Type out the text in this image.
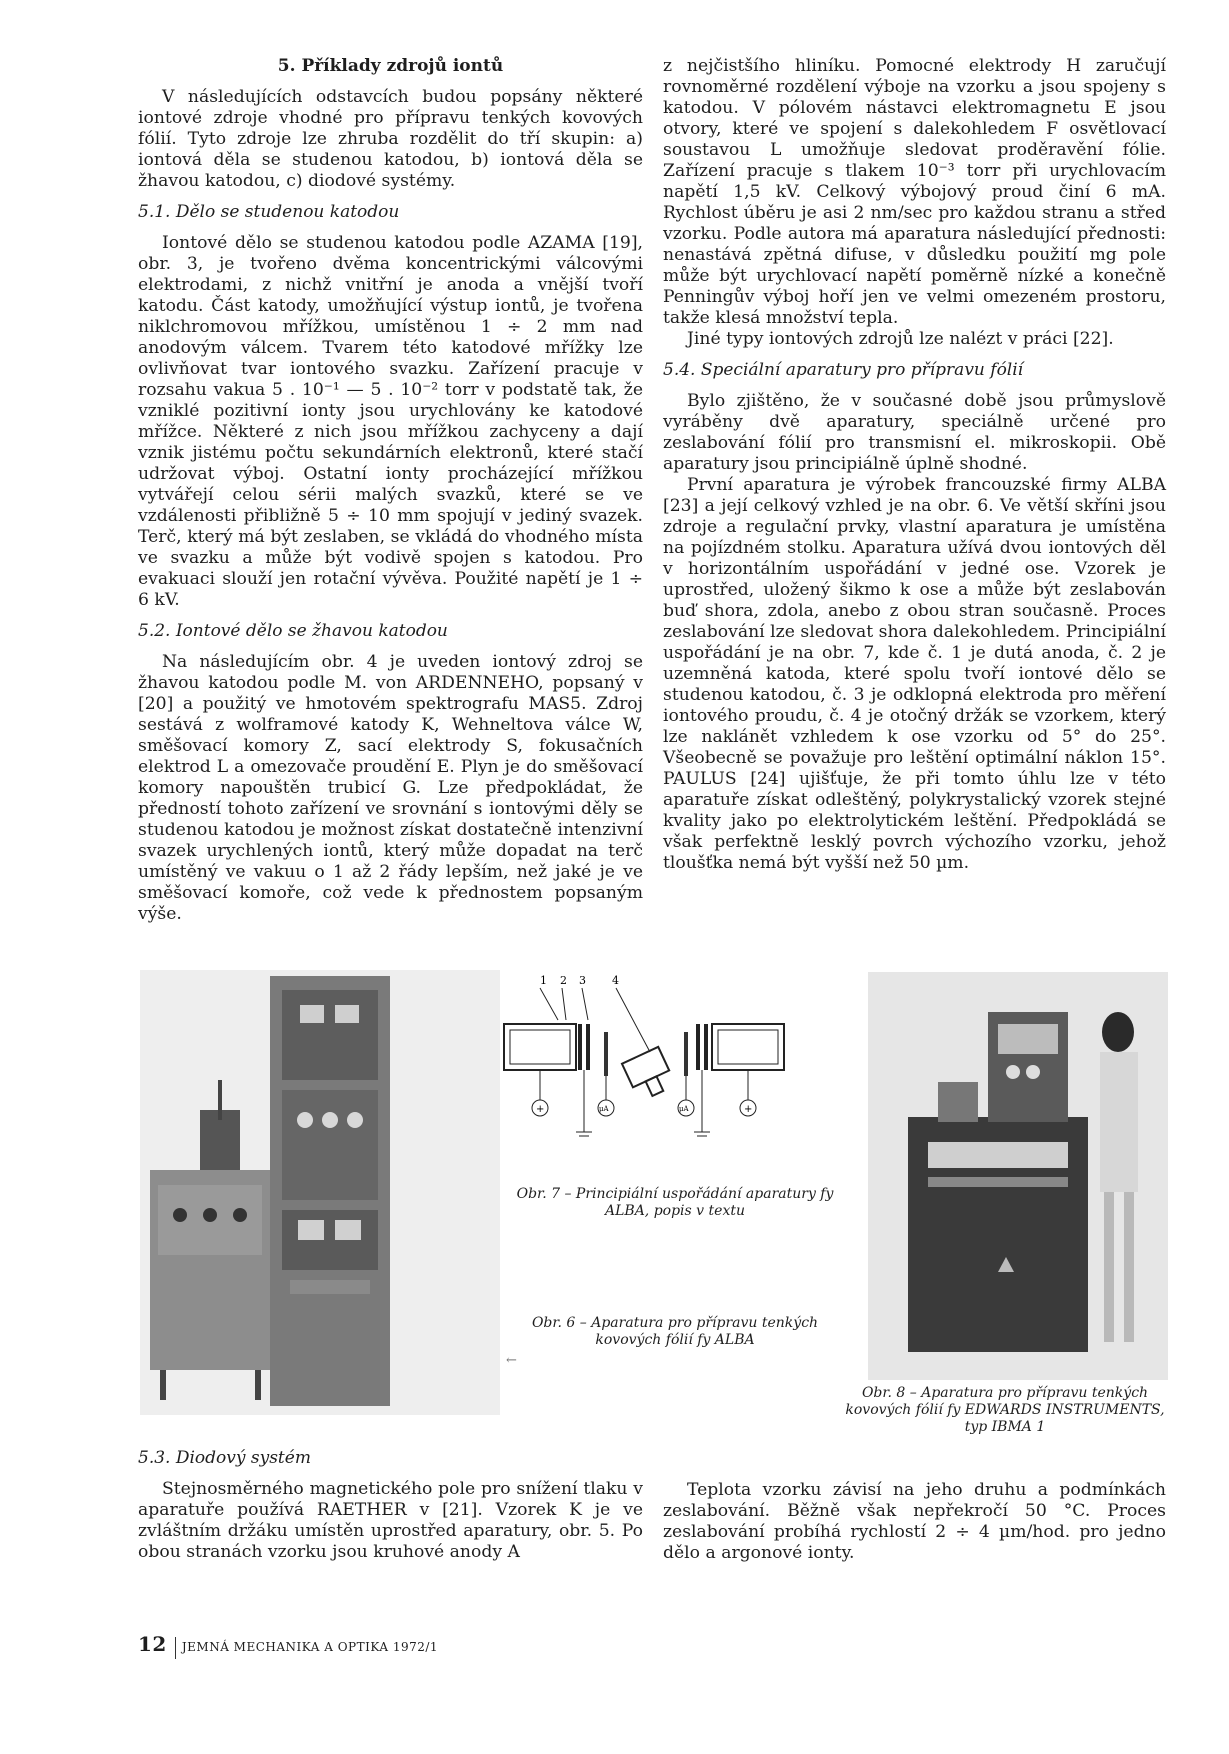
5. Příklady zdrojů iontů

V následujících odstavcích budou popsány některé iontové zdroje vhodné pro přípravu tenkých kovových fólií. Tyto zdroje lze zhruba rozdělit do tří skupin: a) iontová děla se studenou katodou, b) iontová děla se žhavou katodou, c) diodové systémy.

5.1. Dělo se studenou katodou

Iontové dělo se studenou katodou podle AZAMA [19], obr. 3, je tvořeno dvěma koncentrickými válcovými elektrodami, z nichž vnitřní je anoda a vnější tvoří katodu. Část katody, umožňující výstup iontů, je tvořena niklchromovou mřížkou, umístěnou 1 ÷ 2 mm nad anodovým válcem. Tvarem této katodové mřížky lze ovlivňovat tvar iontového svazku. Zařízení pracuje v rozsahu vakua 5 . 10⁻¹ — 5 . 10⁻² torr v podstatě tak, že vzniklé pozitivní ionty jsou urychlovány ke katodové mřížce. Některé z nich jsou mřížkou zachyceny a dají vznik jistému počtu sekundárních elektronů, které stačí udržovat výboj. Ostatní ionty procházející mřížkou vytvářejí celou sérii malých svazků, které se ve vzdálenosti přibližně 5 ÷ 10 mm spojují v jediný svazek. Terč, který má být zeslaben, se vkládá do vhodného místa ve svazku a může být vodivě spojen s katodou. Pro evakuaci slouží jen rotační vývěva. Použité napětí je 1 ÷ 6 kV.

5.2. Iontové dělo se žhavou katodou

Na následujícím obr. 4 je uveden iontový zdroj se žhavou katodou podle M. von ARDENNEHO, popsaný v [20] a použitý ve hmotovém spektrografu MAS5. Zdroj sestává z wolframové katody K, Wehneltova válce W, směšovací komory Z, sací elektrody S, fokusačních elektrod L a omezovače proudění E. Plyn je do směšovací komory napouštěn trubicí G. Lze předpokládat, že předností tohoto zařízení ve srovnání s iontovými děly se studenou katodou je možnost získat dostatečně intenzivní svazek urychlených iontů, který může dopadat na terč umístěný ve vakuu o 1 až 2 řády lepším, než jaké je ve směšovací komoře, což vede k přednostem popsaným výše.

z nejčistšího hliníku. Pomocné elektrody H zaručují rovnoměrné rozdělení výboje na vzorku a jsou spojeny s katodou. V pólovém nástavci elektromagnetu E jsou otvory, které ve spojení s dalekohledem F osvětlovací soustavou L umožňuje sledovat proděravění fólie. Zařízení pracuje s tlakem 10⁻³ torr při urychlovacím napětí 1,5 kV. Celkový výbojový proud činí 6 mA. Rychlost úběru je asi 2 nm/sec pro každou stranu a střed vzorku. Podle autora má aparatura následující přednosti: nenastává zpětná difuse, v důsledku použití mg pole může být urychlovací napětí poměrně nízké a konečně Penningův výboj hoří jen ve velmi omezeném prostoru, takže klesá množství tepla.

Jiné typy iontových zdrojů lze nalézt v práci [22].

5.4. Speciální aparatury pro přípravu fólií

Bylo zjištěno, že v současné době jsou průmyslově vyráběny dvě aparatury, speciálně určené pro zeslabování fólií pro transmisní el. mikroskopii. Obě aparatury jsou principiálně úplně shodné.

První aparatura je výrobek francouzské firmy ALBA [23] a její celkový vzhled je na obr. 6. Ve větší skříni jsou zdroje a regulační prvky, vlastní aparatura je umístěna na pojízdném stolku. Aparatura užívá dvou iontových děl v horizontálním uspořádání v jedné ose. Vzorek je uprostřed, uložený šikmo k ose a může být zeslabován buď shora, zdola, anebo z obou stran současně. Proces zeslabování lze sledovat shora dalekohledem. Principiální uspořádání je na obr. 7, kde č. 1 je dutá anoda, č. 2 je uzemněná katoda, které spolu tvoří iontové dělo se studenou katodou, č. 3 je odklopná elektroda pro měření iontového proudu, č. 4 je otočný držák se vzorkem, který lze naklánět vzhledem k ose vzorku od 5° do 25°. Všeobecně se považuje pro leštění optimální náklon 15°. PAULUS [24] ujišťuje, že při tomto úhlu lze v této aparatuře získat odleštěný, polykrystalický vzorek stejné kvality jako po elektrolytickém leštění. Předpokládá se však perfektně lesklý povrch výchozího vzorku, jehož tloušťka nemá být vyšší než 50 µm.

1 2 3 4
+	+
μA	μA
Obr. 7 – Principiální uspořádání aparatury fy ALBA, popis v textu
Obr. 6 – Aparatura pro přípravu tenkých kovových fólií fy ALBA
←
Obr. 8 – Aparatura pro přípravu tenkých kovových fólií fy EDWARDS INSTRUMENTS, typ IBMA 1
5.3. Diodový systém

Stejnosměrného magnetického pole pro snížení tlaku v aparatuře používá RAETHER v [21]. Vzorek K je ve zvláštním držáku umístěn uprostřed aparatury, obr. 5. Po obou stranách vzorku jsou kruhové anody A

Teplota vzorku závisí na jeho druhu a podmínkách zeslabování. Běžně však nepřekročí 50 °C. Proces zeslabování probíhá rychlostí 2 ÷ 4 µm/hod. pro jedno dělo a argonové ionty.

12 JEMNÁ MECHANIKA A OPTIKA 1972/1
